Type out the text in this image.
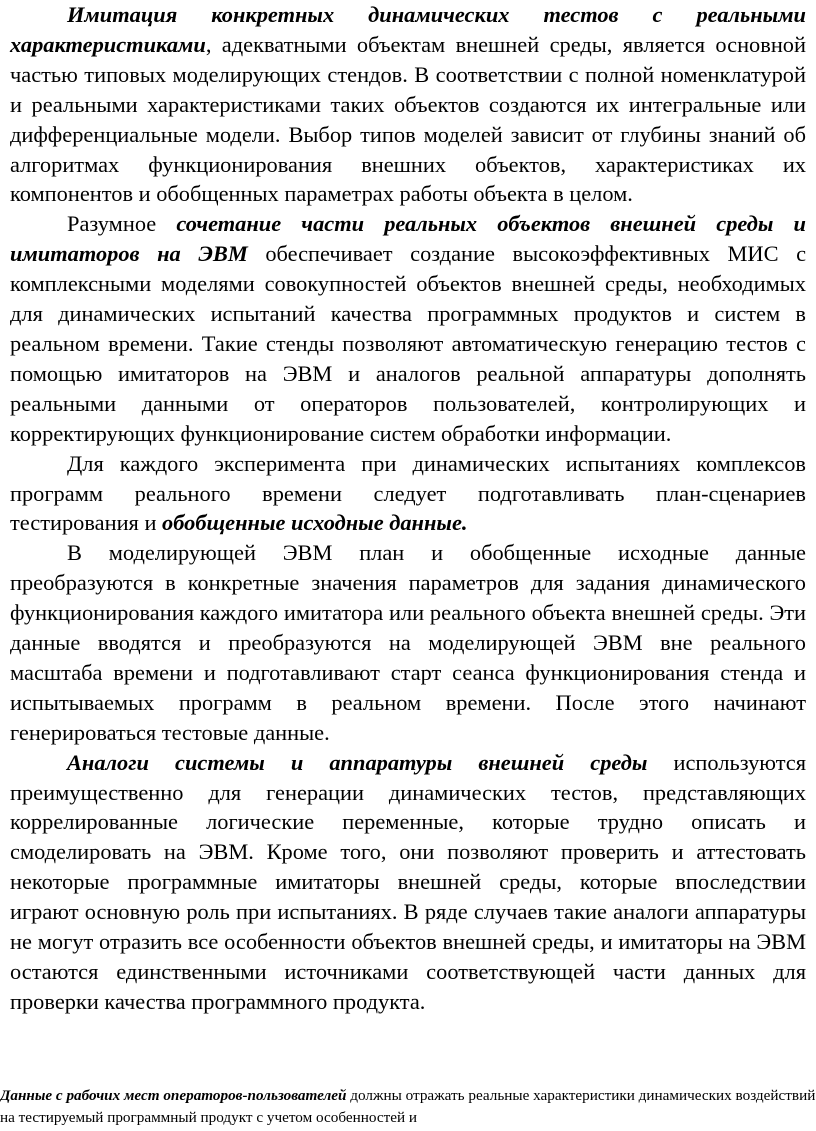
Имитация конкретных динамических тестов с реальными характеристиками, адекватными объектам внешней среды, является основной частью типовых моделирующих стендов. В соответствии с полной номенклатурой и реальными характеристиками таких объектов создаются их интегральные или дифференциальные модели. Выбор типов моделей зависит от глубины знаний об алгоритмах функционирования внешних объектов, характеристиках их компонентов и обобщенных параметрах работы объекта в целом.

Разумное сочетание части реальных объектов внешней среды и имитаторов на ЭВМ обеспечивает создание высокоэффективных МИС с комплексными моделями совокупностей объектов внешней среды, необходимых для динамических испытаний качества программных продуктов и систем в реальном времени. Такие стенды позволяют автоматическую генерацию тестов с помощью имитаторов на ЭВМ и аналогов реальной аппаратуры дополнять реальными данными от операторов пользователей, контролирующих и корректирующих функционирование систем обработки информации.

Для каждого эксперимента при динамических испытаниях комплексов программ реального времени следует подготавливать план-сценариев тестирования и обобщенные исходные данные.

В моделирующей ЭВМ план и обобщенные исходные данные преобразуются в конкретные значения параметров для задания динамического функционирования каждого имитатора или реального объекта внешней среды. Эти данные вводятся и преобразуются на моделирующей ЭВМ вне реального масштаба времени и подготавливают старт сеанса функционирования стенда и испытываемых программ в реальном времени. После этого начинают генерироваться тестовые данные.

Аналоги системы и аппаратуры внешней среды используются преимущественно для генерации динамических тестов, представляющих коррелированные логические переменные, которые трудно описать и смоделировать на ЭВМ. Кроме того, они позволяют проверить и аттестовать некоторые программные имитаторы внешней среды, которые впоследствии играют основную роль при испытаниях. В ряде случаев такие аналоги аппаратуры не могут отразить все особенности объектов внешней среды, и имитаторы на ЭВМ остаются единственными источниками соответствующей части данных для проверки качества программного продукта.

Данные с рабочих мест операторов-пользователей должны отражать реальные характеристики динамических воздействий на тестируемый программный продукт с учетом особенностей и
